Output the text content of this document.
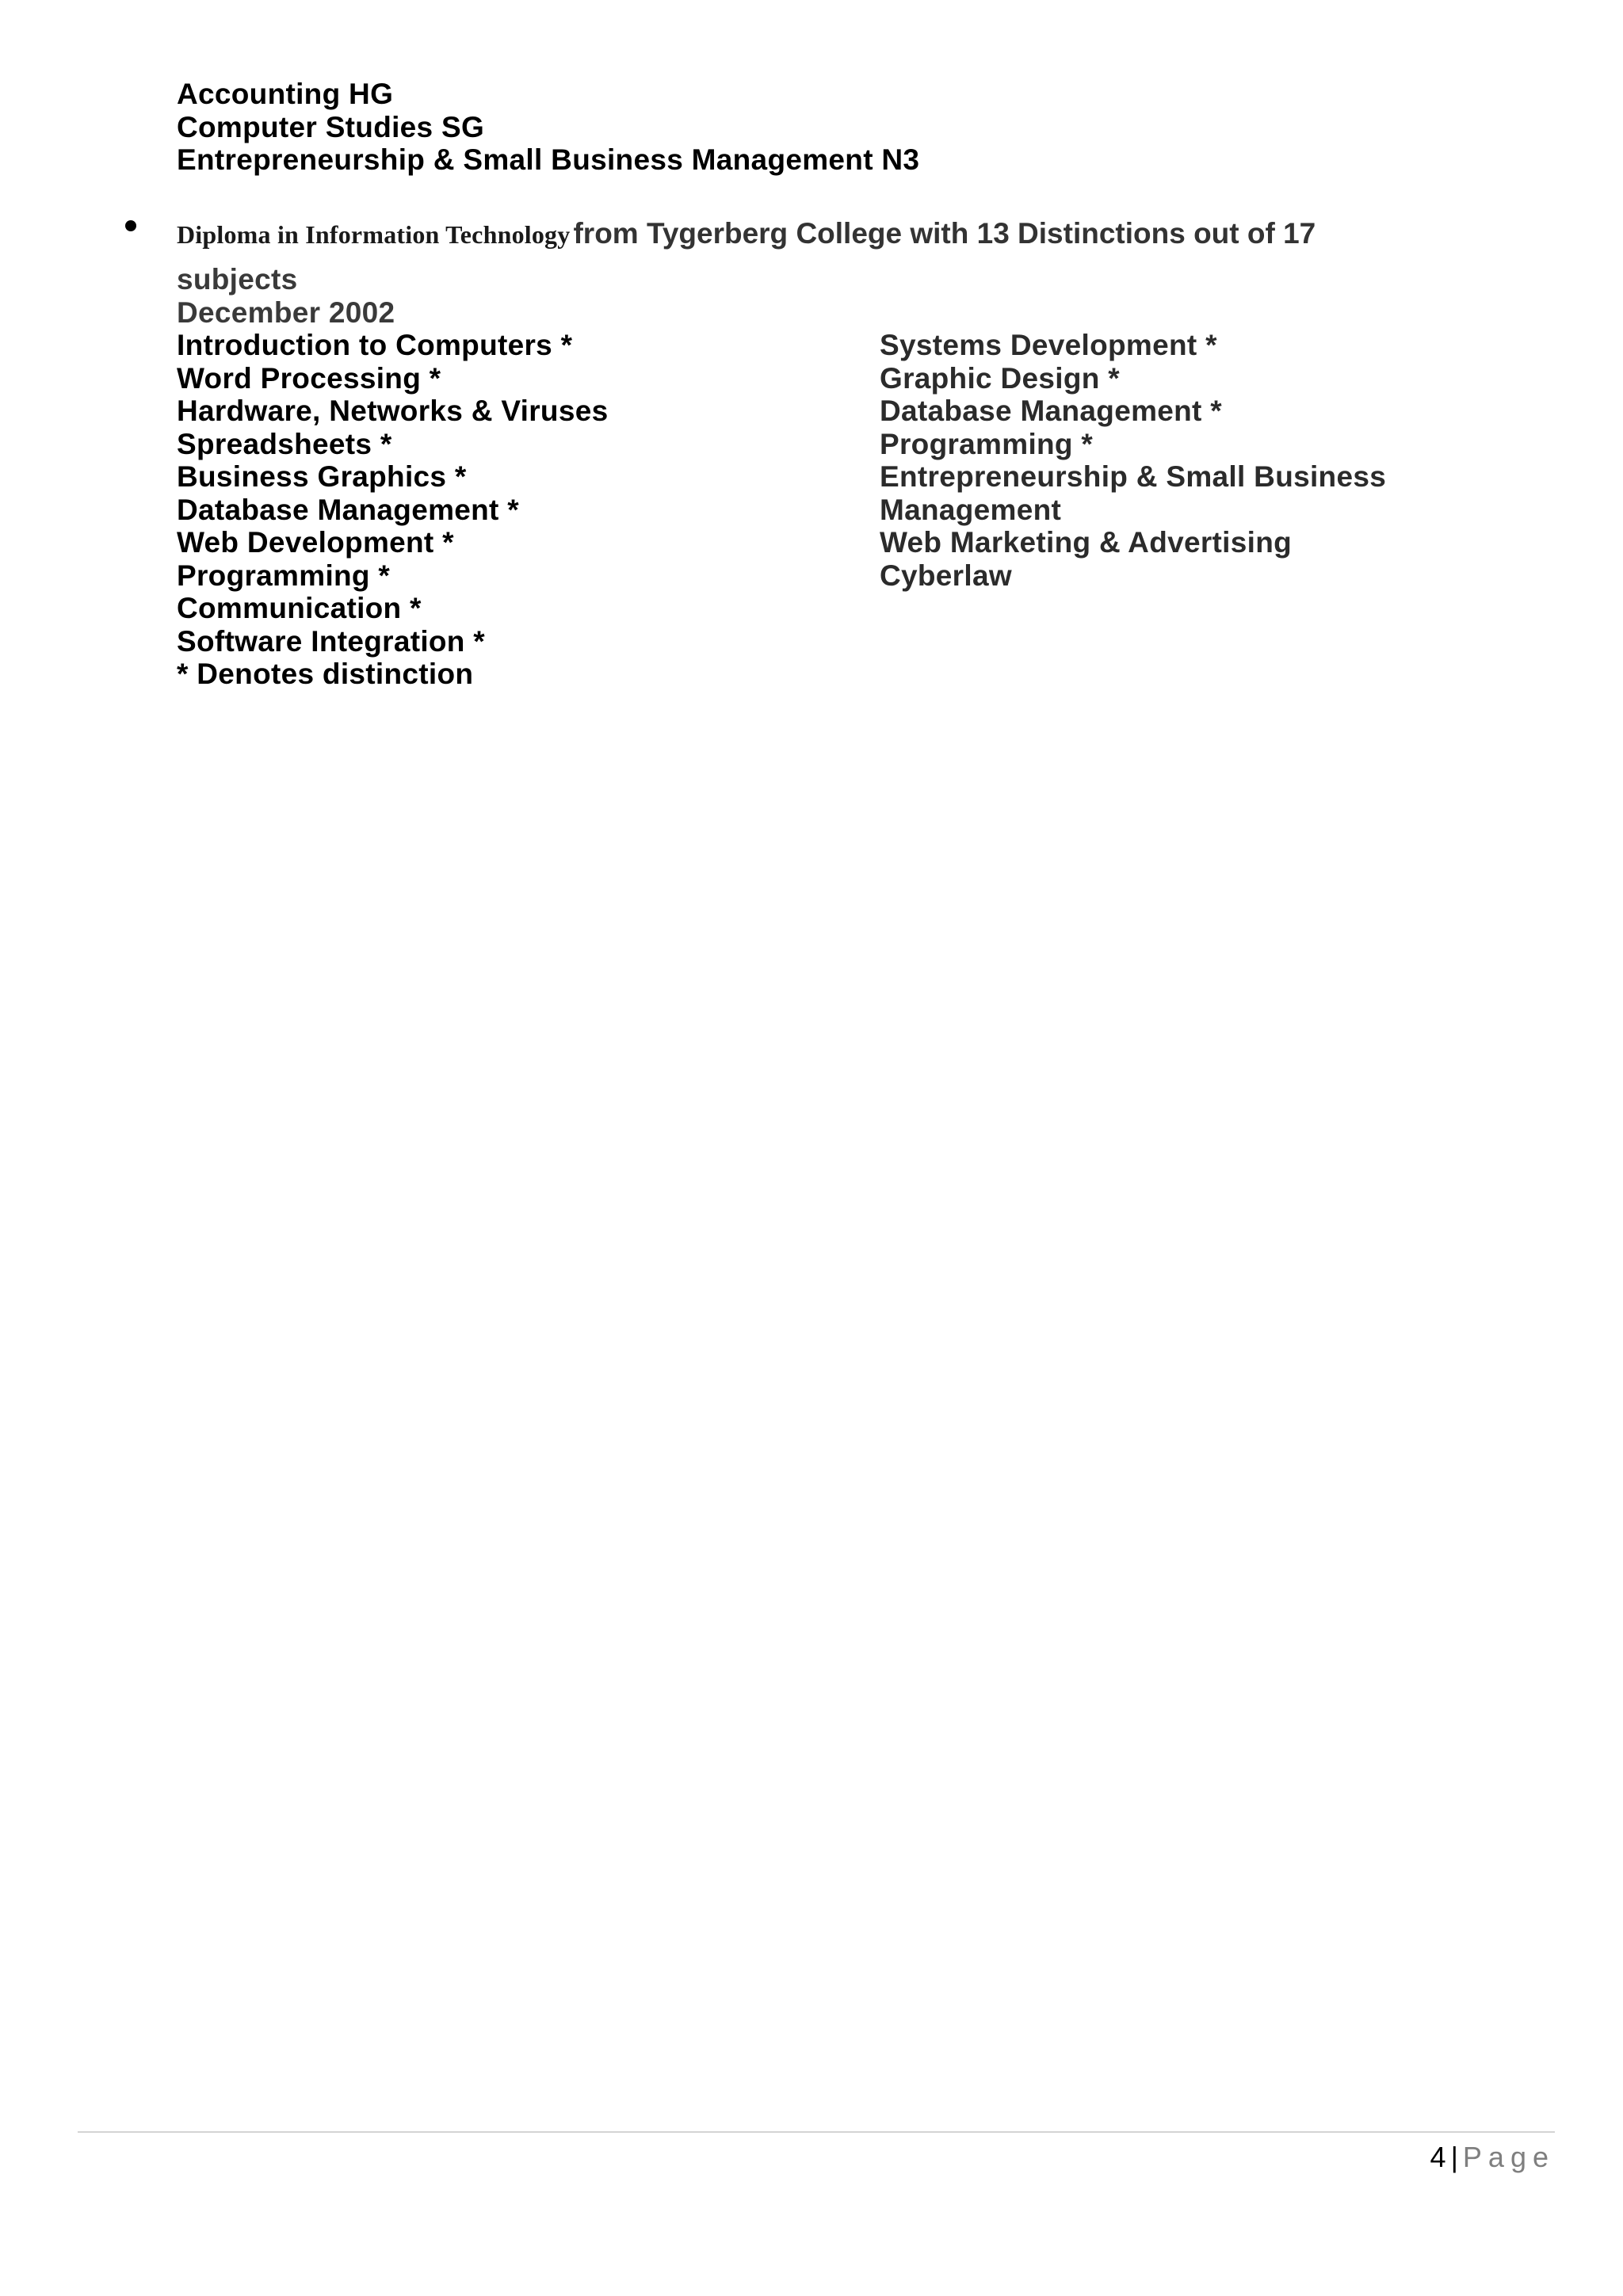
Accounting HG
Computer Studies SG
Entrepreneurship & Small Business Management N3
Diploma in Information Technology from Tygerberg College with 13 Distinctions out of 17
subjects
December 2002
Introduction to Computers *
Word Processing *
Hardware, Networks & Viruses
Spreadsheets *
Business Graphics *
Database Management *
Web Development *
Programming *
Communication *
Software Integration *
* Denotes distinction
Systems Development *
Graphic Design *
Database Management *
Programming *
Entrepreneurship & Small Business
Management
Web Marketing & Advertising
Cyberlaw
4 | Page
